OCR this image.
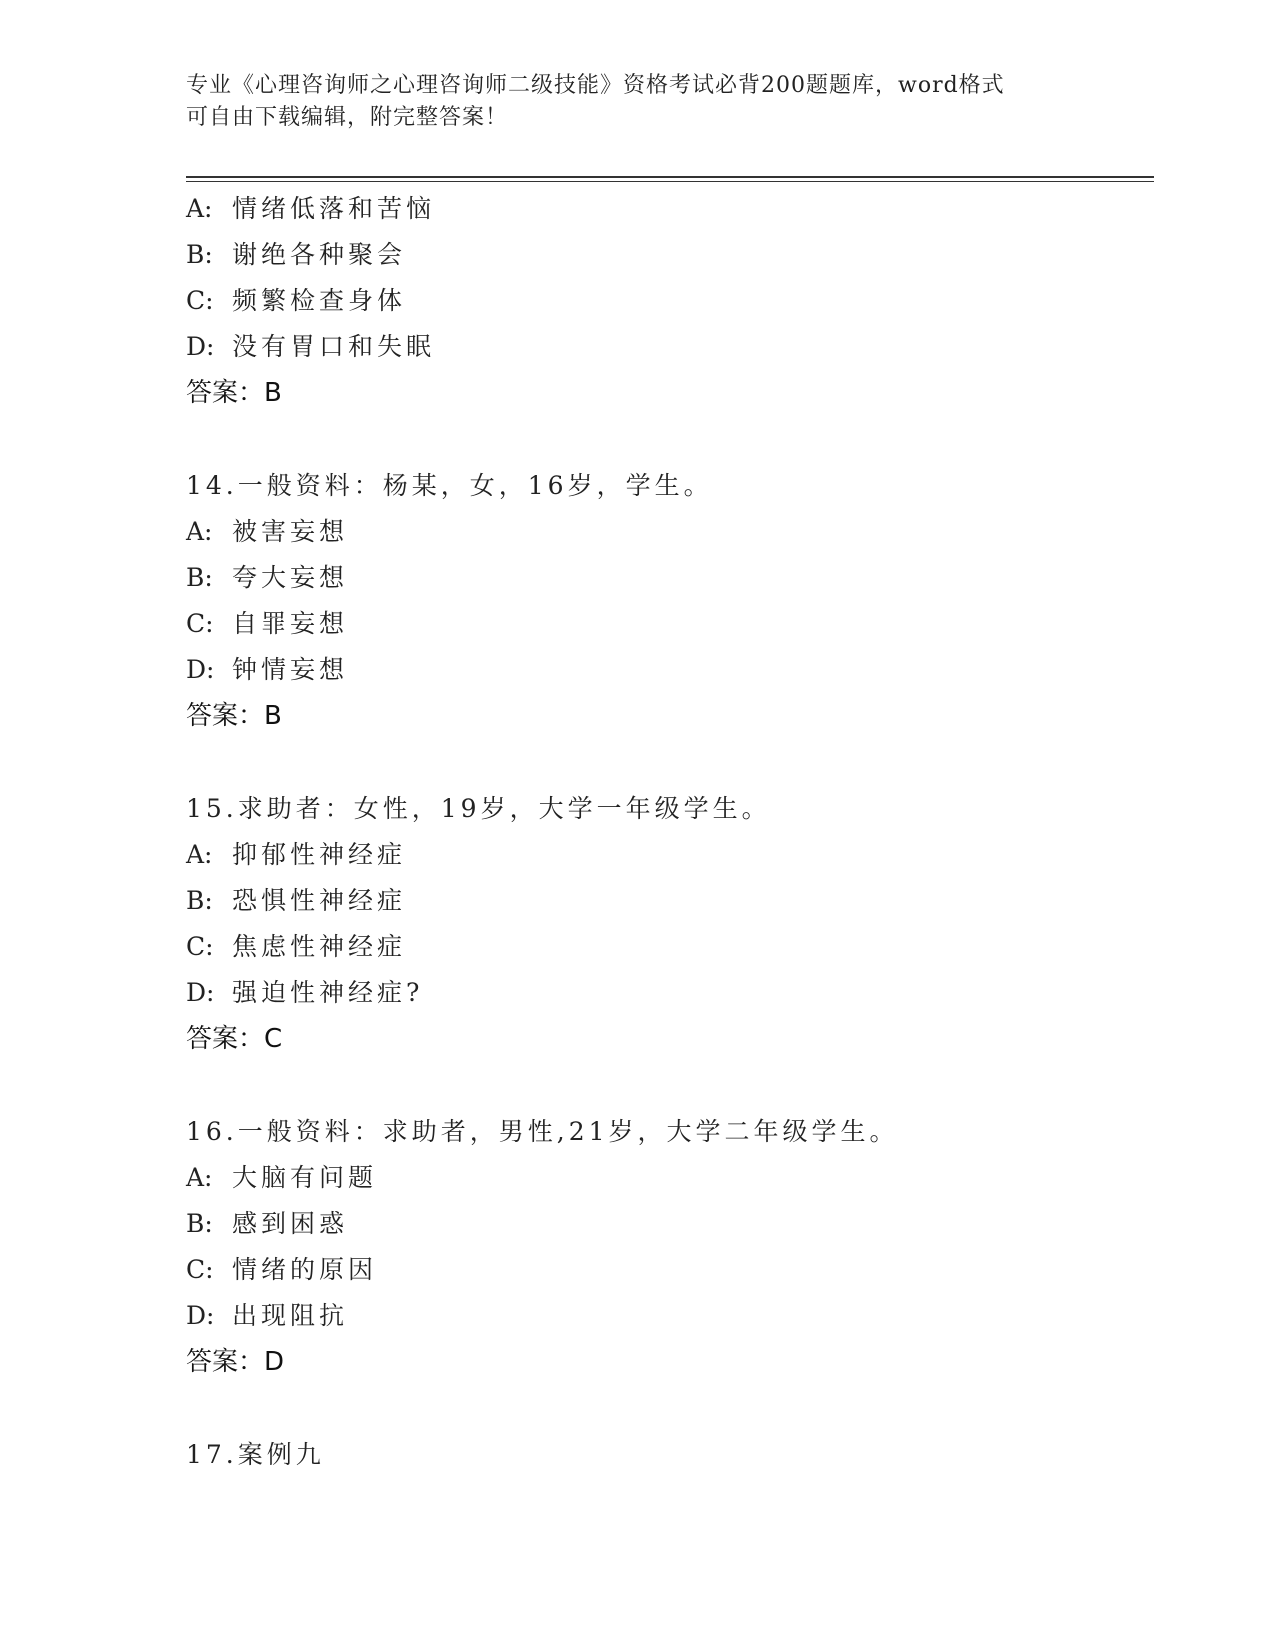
专业《心理咨询师之心理咨询师二级技能》资格考试必背200题题库，word格式
可自由下载编辑，附完整答案！
A: 情绪低落和苦恼
B: 谢绝各种聚会
C: 频繁检查身体
D: 没有胃口和失眠
答案：B
14.一般资料：杨某，女，16岁，学生。
A: 被害妄想
B: 夸大妄想
C: 自罪妄想
D: 钟情妄想
答案：B
15.求助者：女性，19岁，大学一年级学生。
A: 抑郁性神经症
B: 恐惧性神经症
C: 焦虑性神经症
D: 强迫性神经症?
答案：C
16.一般资料：求助者，男性,21岁，大学二年级学生。
A: 大脑有问题
B: 感到困惑
C: 情绪的原因
D: 出现阻抗
答案：D
17.案例九
